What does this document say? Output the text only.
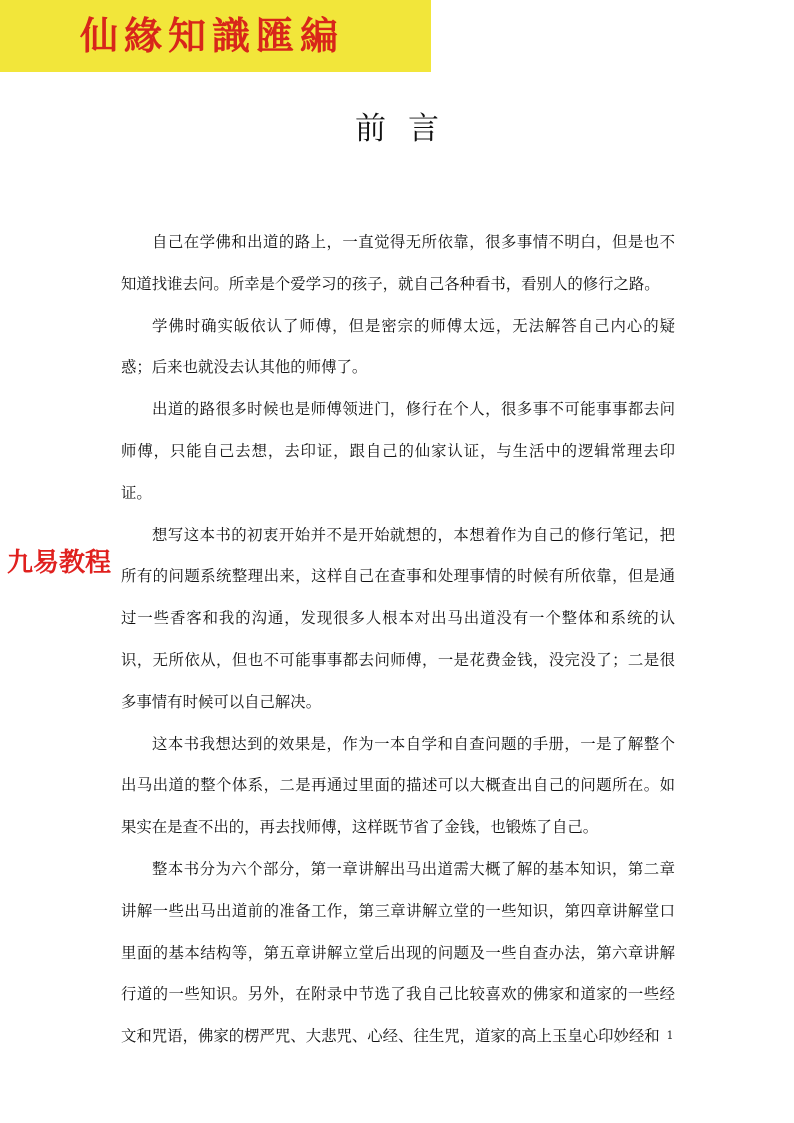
仙緣知識匯編
前言

自己在学佛和出道的路上，一直觉得无所依靠，很多事情不明白，但是也不知道找谁去问。所幸是个爱学习的孩子，就自己各种看书，看别人的修行之路。

学佛时确实皈依认了师傅，但是密宗的师傅太远，无法解答自己内心的疑惑；后来也就没去认其他的师傅了。

出道的路很多时候也是师傅领进门，修行在个人，很多事不可能事事都去问师傅，只能自己去想，去印证，跟自己的仙家认证，与生活中的逻辑常理去印证。

想写这本书的初衷开始并不是开始就想的，本想着作为自己的修行笔记，把所有的问题系统整理出来，这样自己在查事和处理事情的时候有所依靠，但是通过一些香客和我的沟通，发现很多人根本对出马出道没有一个整体和系统的认识，无所依从，但也不可能事事都去问师傅，一是花费金钱，没完没了；二是很多事情有时候可以自己解决。

这本书我想达到的效果是，作为一本自学和自查问题的手册，一是了解整个出马出道的整个体系，二是再通过里面的描述可以大概查出自己的问题所在。如果实在是查不出的，再去找师傅，这样既节省了金钱，也锻炼了自己。

整本书分为六个部分，第一章讲解出马出道需大概了解的基本知识，第二章讲解一些出马出道前的准备工作，第三章讲解立堂的一些知识，第四章讲解堂口里面的基本结构等，第五章讲解立堂后出现的问题及一些自查办法，第六章讲解行道的一些知识。另外，在附录中节选了我自己比较喜欢的佛家和道家的一些经文和咒语，佛家的楞严咒、大悲咒、心经、往生咒，道家的高上玉皇心印妙经和

九易教程
1
